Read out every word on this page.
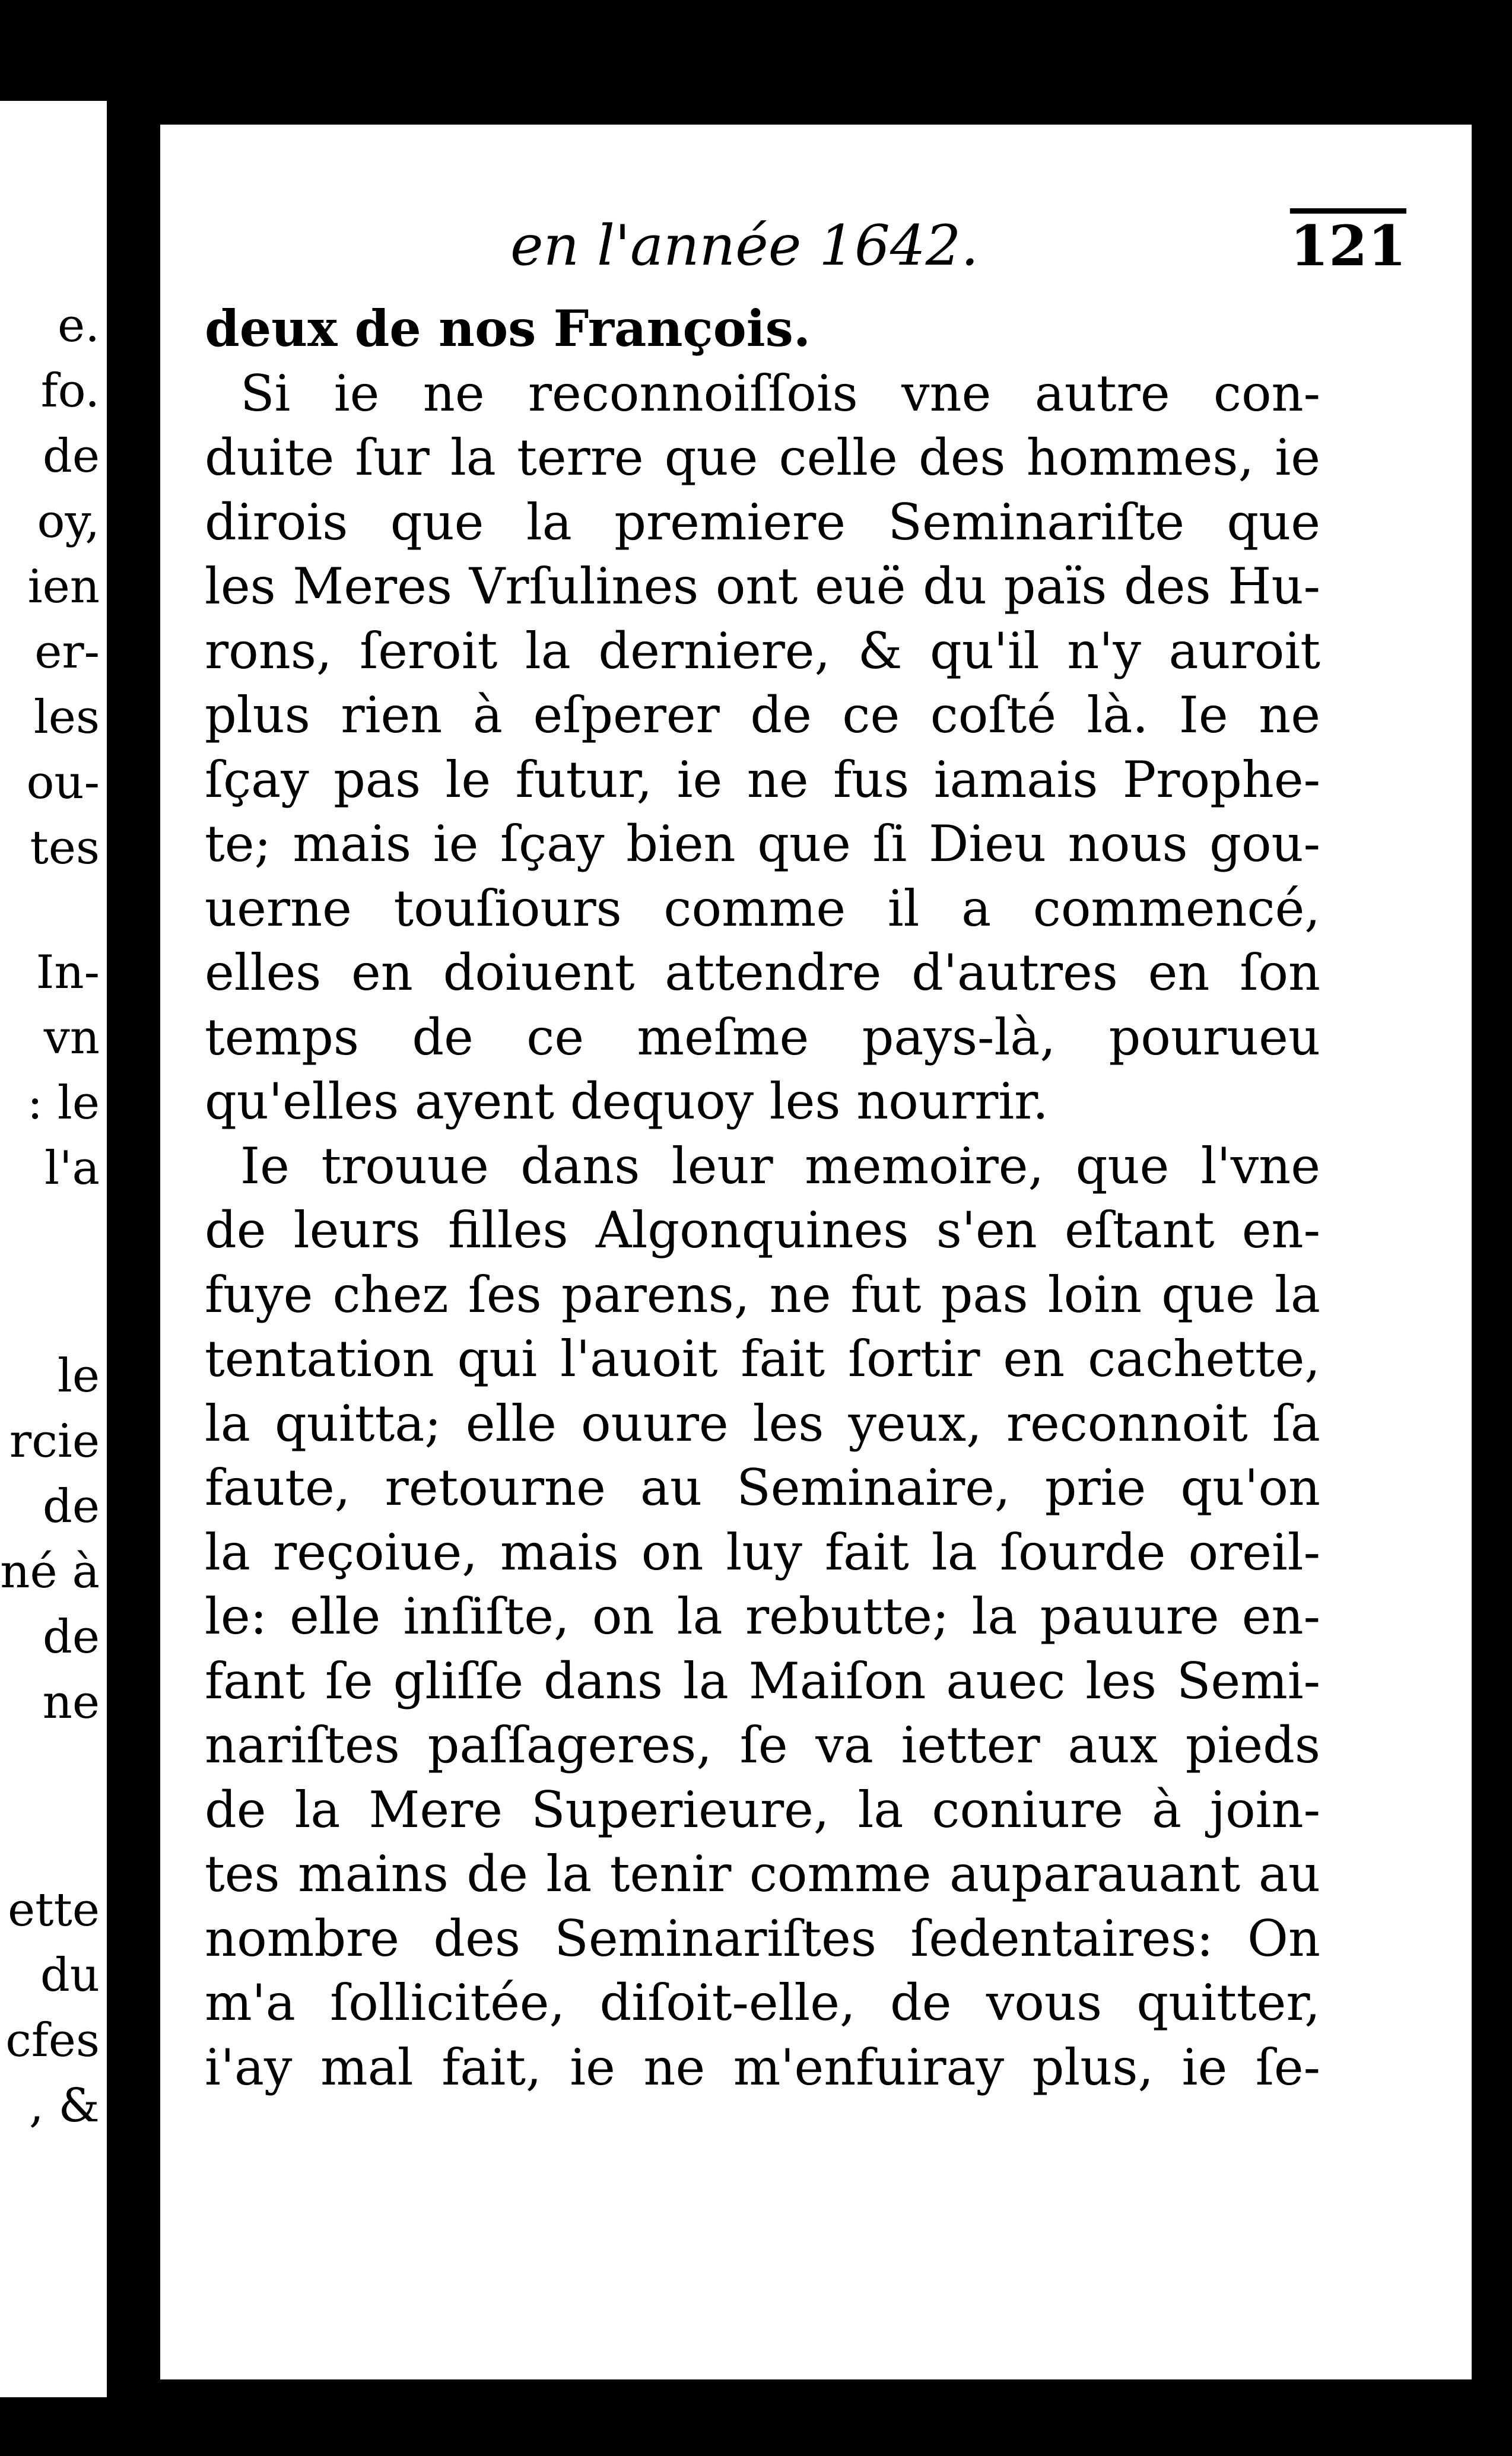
e.
fo.
de
oy,
ien
er-
les
ou-
tes
In-
vn
: le
l'a
le
rcie
de
né à
de
ne
ette
du
cfes
, &
en l'année 1642.	121
deux de nos François.
Si ie ne reconnoiſſois vne autre con-
duite ſur la terre que celle des hommes, ie
dirois que la premiere Seminariſte que
les Meres Vrſulines ont euë du païs des Hu-
rons, ſeroit la derniere, & qu'il n'y auroit
plus rien à eſperer de ce coſté là. Ie ne
ſçay pas le futur, ie ne fus iamais Prophe-
te; mais ie ſçay bien que ſi Dieu nous gou-
uerne touſiours comme il a commencé,
elles en doiuent attendre d'autres en ſon
temps de ce meſme pays-là, pourueu
qu'elles ayent dequoy les nourrir.
Ie trouue dans leur memoire, que l'vne
de leurs filles Algonquines s'en eſtant en-
fuye chez ſes parens, ne fut pas loin que la
tentation qui l'auoit fait ſortir en cachette,
la quitta; elle ouure les yeux, reconnoit ſa
faute, retourne au Seminaire, prie qu'on
la reçoiue, mais on luy fait la ſourde oreil-
le: elle inſiſte, on la rebutte; la pauure en-
fant ſe gliſſe dans la Maiſon auec les Semi-
nariſtes paſſageres, ſe va ietter aux pieds
de la Mere Superieure, la coniure à join-
tes mains de la tenir comme auparauant au
nombre des Seminariſtes ſedentaires: On
m'a ſollicitée, diſoit-elle, de vous quitter,
i'ay mal fait, ie ne m'enfuiray plus, ie ſe-
